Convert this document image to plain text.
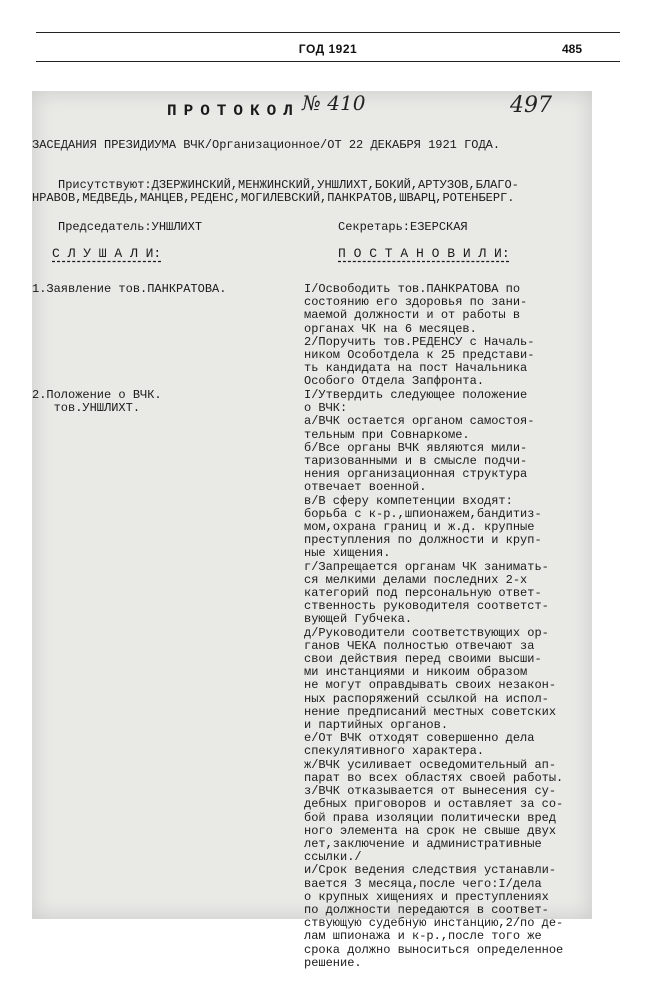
ГОД 1921	485
ПРОТОКОЛ № 410	497
ЗАСЕДАНИЯ ПРЕЗИДИУМА ВЧК/Организационное/ОТ 22 ДЕКАБРЯ 1921 ГОДА.
Присутствуют:ДЗЕРЖИНСКИЙ,МЕНЖИНСКИЙ,УНШЛИХТ,БОКИЙ,АРТУЗОВ,БЛАГО-
НРАВОВ,МЕДВЕДЬ,МАНЦЕВ,РЕДЕНС,МОГИЛЕВСКИЙ,ПАНКРАТОВ,ШВАРЦ,РОТЕНБЕРГ.
Председатель:УНШЛИХТ	Секретарь:ЕЗЕРСКАЯ
С Л У Ш А Л И:	П О С Т А Н О В И Л И:
1.Заявление тов.ПАНКРАТОВА.	I/Освободить тов.ПАНКРАТОВА по
состоянию его здоровья по зани-
маемой должности и от работы в
органах ЧК на 6 месяцев.
2/Поручить тов.РЕДЕНСУ с Началь-
ником Особотдела к 25 представи-
ть кандидата на пост Начальника
Особого Отдела Запфронта.
2.Положение о ВЧК.
тов.УНШЛИХТ.
I/Утвердить следующее положение
о ВЧК:
а/ВЧК остается органом самостоя-
тельным при Совнаркоме.
б/Все органы ВЧК являются мили-
таризованными и в смысле подчи-
нения организационная структура
отвечает военной.
в/В сферу компетенции входят:
борьба с к-р.,шпионажем,бандитиз-
мом,охрана границ и ж.д. крупные
преступления по должности и круп-
ные хищения.
г/Запрещается органам ЧК занимать-
ся мелкими делами последних 2-х
категорий под персональную ответ-
ственность руководителя соответст-
вующей Губчека.
д/Руководители соответствующих ор-
ганов ЧЕКА полностью отвечают за
свои действия перед своими высши-
ми инстанциями и никоим образом
не могут оправдывать своих незакон-
ных распоряжений ссылкой на испол-
нение предписаний местных советских
и партийных органов.
е/От ВЧК отходят совершенно дела
спекулятивного характера.
ж/ВЧК усиливает осведомительный ап-
парат во всех областях своей работы.
з/ВЧК отказывается от вынесения су-
дебных приговоров и оставляет за со-
бой права изоляции политически вред
ного элемента на срок не свыше двух
лет,заключение и административные
ссылки./
и/Срок ведения следствия устанавли-
вается 3 месяца,после чего:I/дела
о крупных хищениях и преступлениях
по должности передаются в соответ-
ствующую судебную инстанцию,2/по де-
лам шпионажа и к-р.,после того же
срока должно выноситься определенное
решение.
